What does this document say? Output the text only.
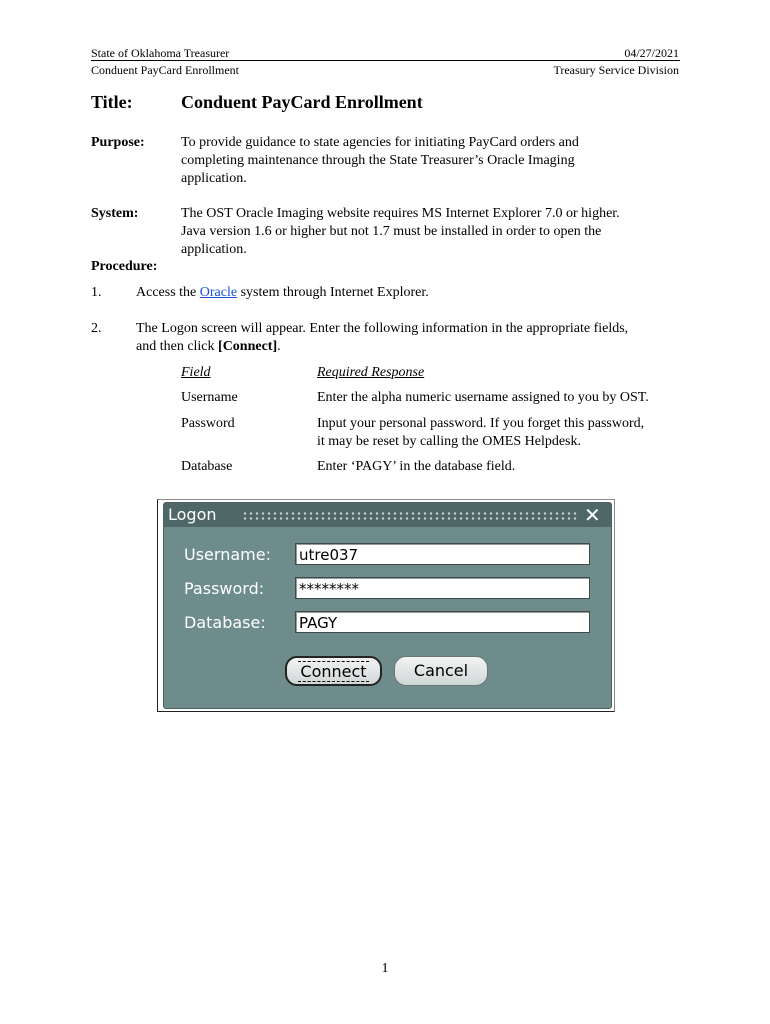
State of Oklahoma Treasurer
Conduent PayCard Enrollment
04/27/2021
Treasury Service Division
Title:	Conduent PayCard Enrollment
Purpose:	To provide guidance to state agencies for initiating PayCard orders and
completing maintenance through the State Treasurer’s Oracle Imaging
application.
System:	The OST Oracle Imaging website requires MS Internet Explorer 7.0 or higher.
Java version 1.6 or higher but not 1.7 must be installed in order to open the
application.
Procedure:
1. Access the Oracle system through Internet Explorer.
2. The Logon screen will appear. Enter the following information in the appropriate fields,
and then click [Connect].
Field	Required Response
Username	Enter the alpha numeric username assigned to you by OST.
Password	Input your personal password. If you forget this password,
it may be reset by calling the OMES Helpdesk.
Database	Enter ‘PAGY’ in the database field.
Logon	✕
Username: utre037
Password: ********
Database: PAGY
Connect	Cancel
1
